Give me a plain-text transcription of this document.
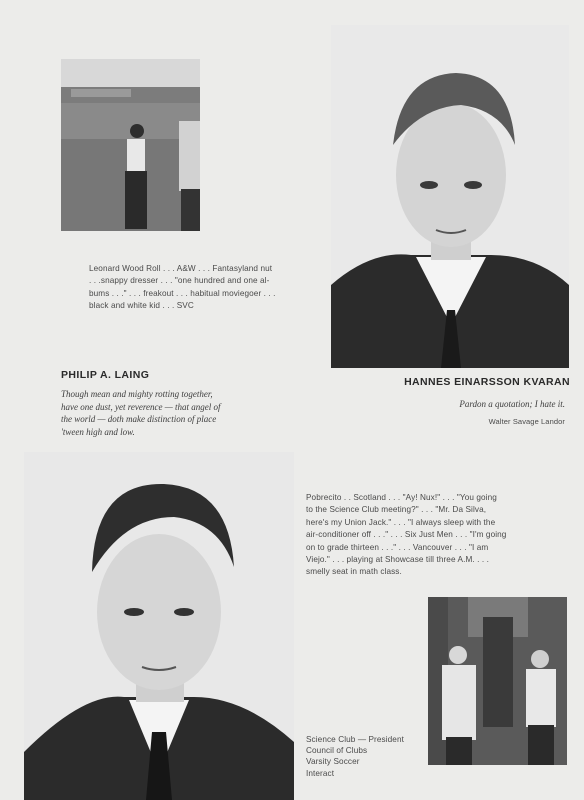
Leonard Wood Roll . . . A&W . . . Fantasyland nut
. . .snappy dresser . . . "one hundred and one al-
bums . . ." . . . freakout . . . habitual moviegoer . . .
black and white kid . . . SVC
PHILIP A. LAING
Though mean and mighty rotting together,
have one dust, yet reverence — that angel of
the world — doth make distinction of place
'tween high and low.
HANNES EINARSSON KVARAN
Pardon a quotation; I hate it.
Walter Savage Landor
Pobrecito . . Scotland . . . "Ay! Nux!" . . . "You going
to the Science Club meeting?" . . . "Mr. Da Silva,
here's my Union Jack." . . . "I always sleep with the
air-conditioner off . . ." . . . Six Just Men . . . "I'm going
on to grade thirteen . . ." . . . Vancouver . . . "I am
Viejo." . . . playing at Showcase till three A.M. . . .
smelly seat in math class.
Science Club — President
Council of Clubs
Varsity Soccer
Interact
